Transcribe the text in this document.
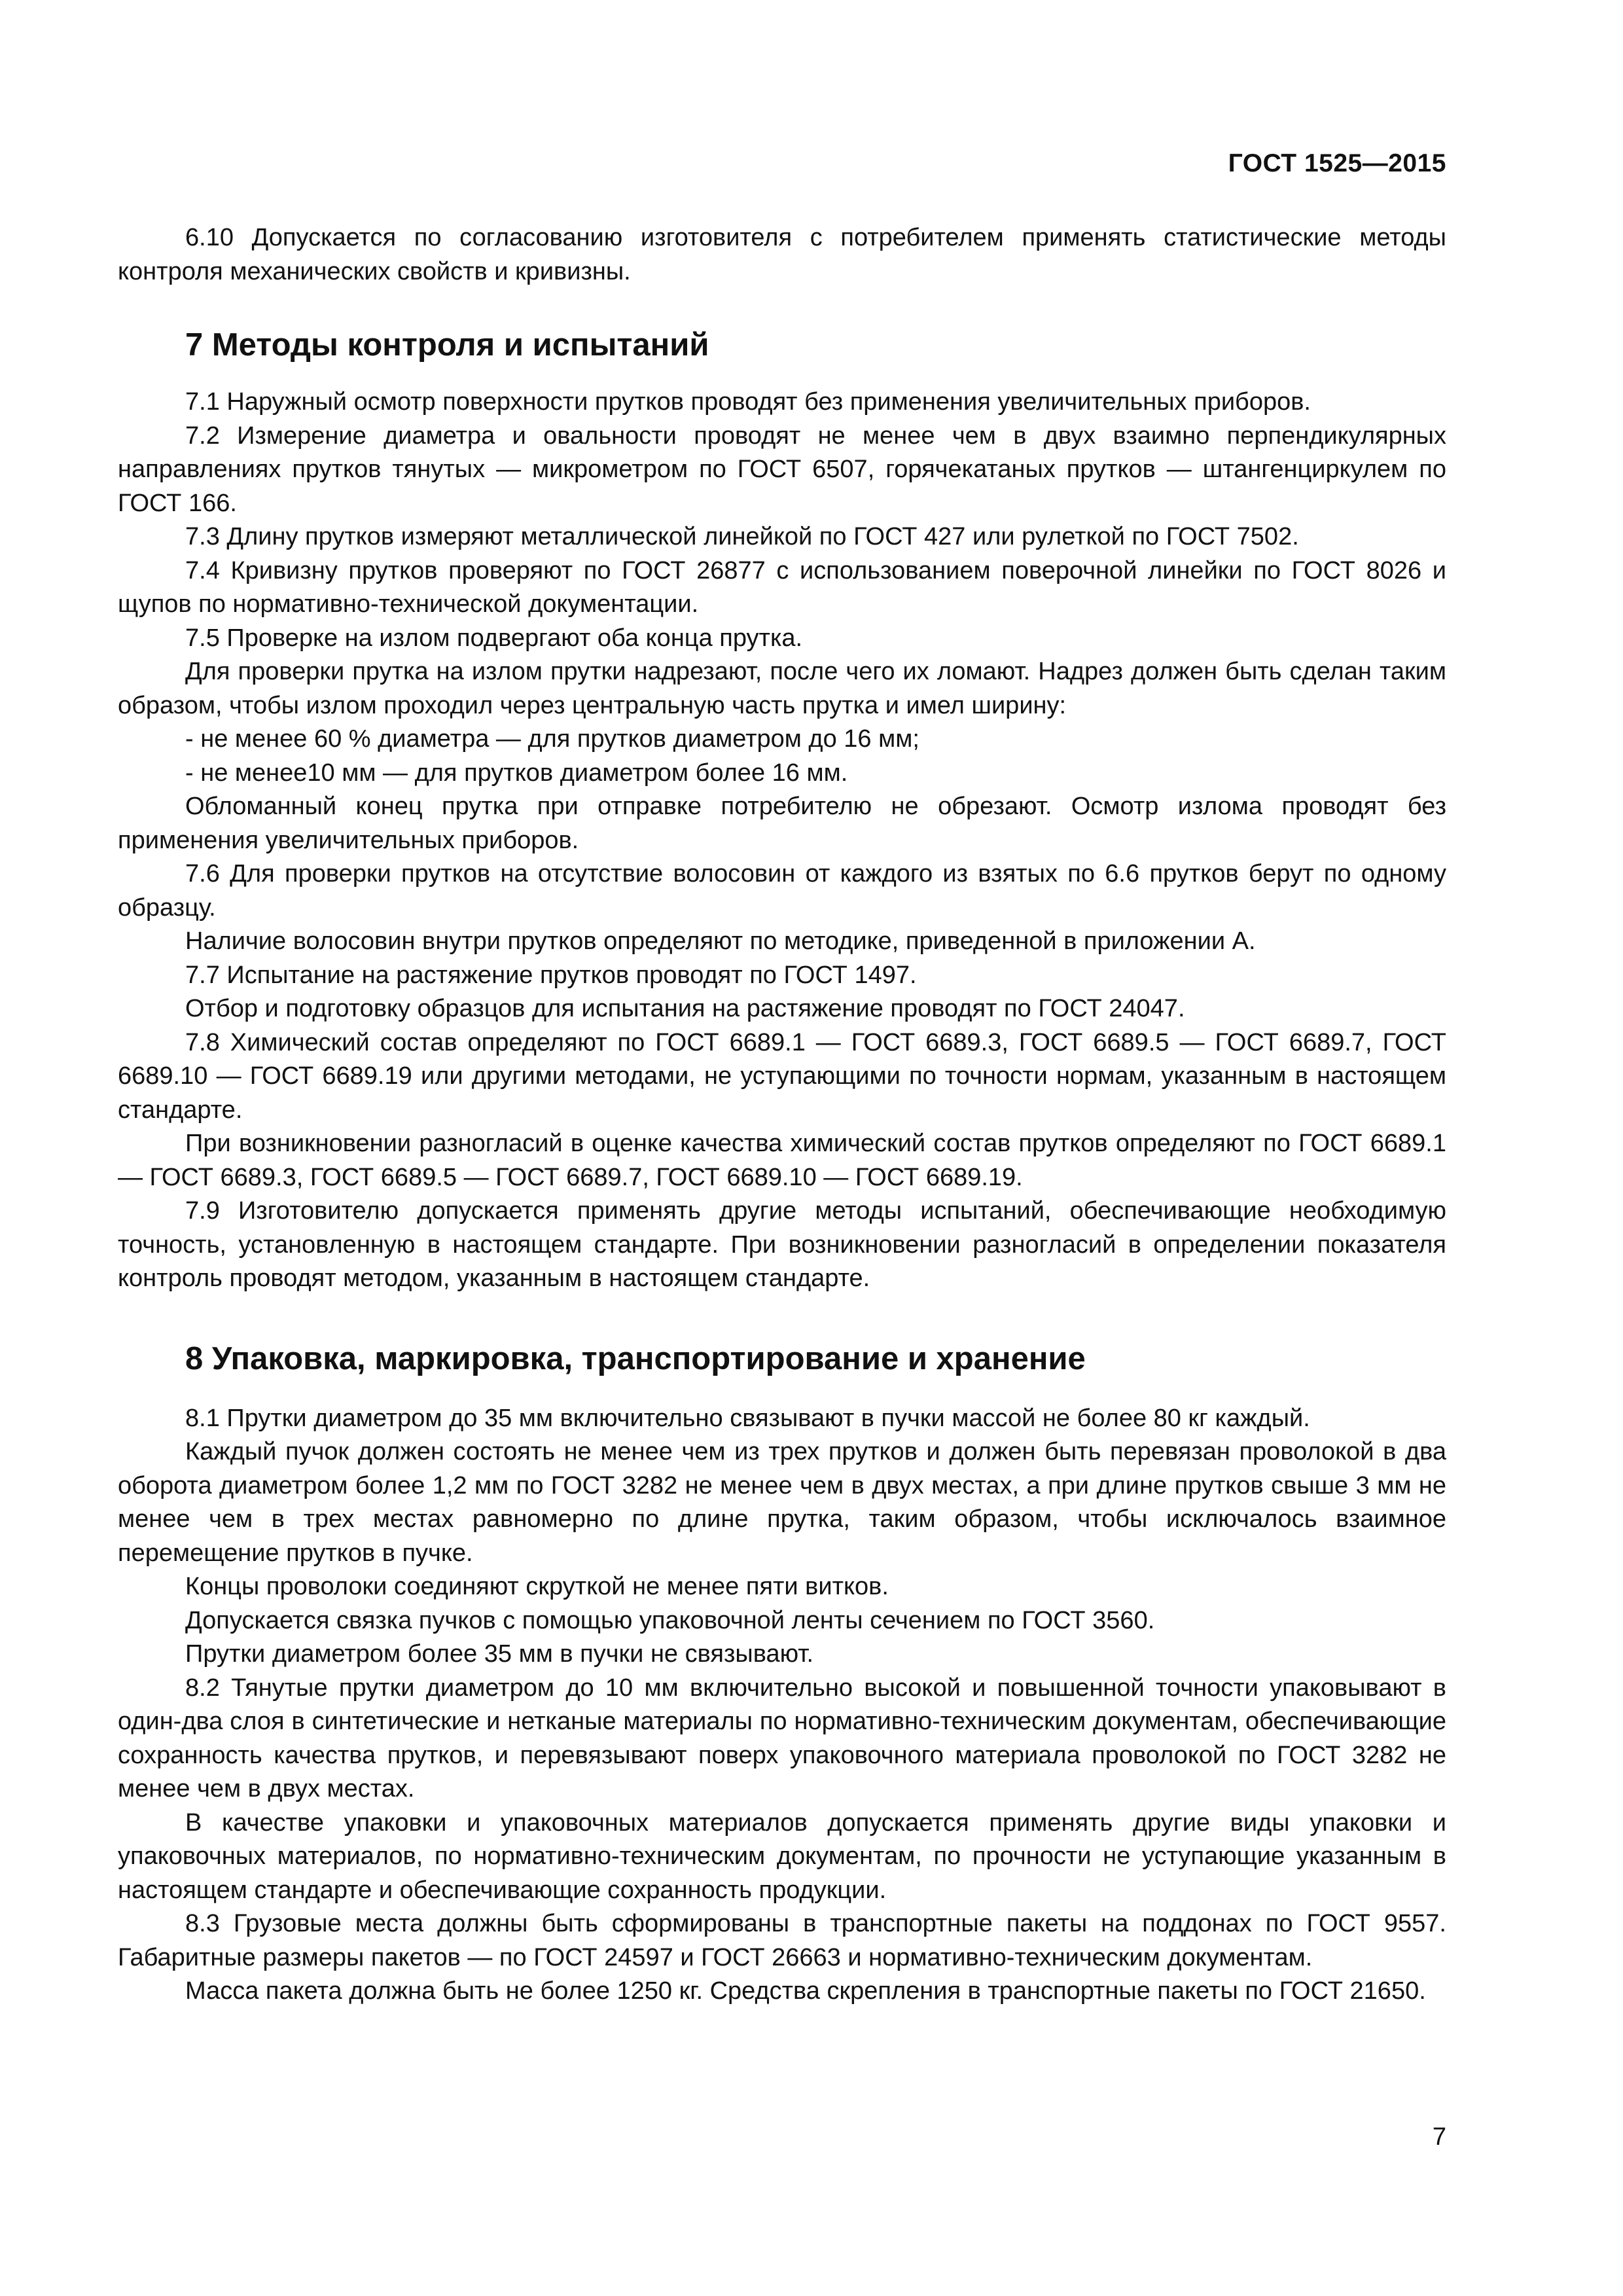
ГОСТ 1525—2015

6.10 Допускается по согласованию изготовителя с потребителем применять статистические методы контроля механических свойств и кривизны.

7 Методы контроля и испытаний

7.1 Наружный осмотр поверхности прутков проводят без применения увеличительных приборов.

7.2 Измерение диаметра и овальности проводят не менее чем в двух взаимно перпендикулярных направлениях прутков тянутых — микрометром по ГОСТ 6507, горячекатаных прутков — штангенциркулем по ГОСТ 166.

7.3 Длину прутков измеряют металлической линейкой по ГОСТ 427 или рулеткой по ГОСТ 7502.

7.4 Кривизну прутков проверяют по ГОСТ 26877 с использованием поверочной линейки по ГОСТ 8026 и щупов по нормативно-технической документации.

7.5 Проверке на излом подвергают оба конца прутка.

Для проверки прутка на излом прутки надрезают, после чего их ломают. Надрез должен быть сделан таким образом, чтобы излом проходил через центральную часть прутка и имел ширину:

- не менее 60 % диаметра — для прутков диаметром до 16 мм;

- не менее10 мм — для прутков диаметром более 16 мм.

Обломанный конец прутка при отправке потребителю не обрезают. Осмотр излома проводят без применения увеличительных приборов.

7.6 Для проверки прутков на отсутствие волосовин от каждого из взятых по 6.6 прутков берут по одному образцу.

Наличие волосовин внутри прутков определяют по методике, приведенной в приложении А.

7.7 Испытание на растяжение прутков проводят по ГОСТ 1497.

Отбор и подготовку образцов для испытания на растяжение проводят по ГОСТ 24047.

7.8 Химический состав определяют по ГОСТ 6689.1 — ГОСТ 6689.3, ГОСТ 6689.5 — ГОСТ 6689.7, ГОСТ 6689.10 — ГОСТ 6689.19 или другими методами, не уступающими по точности нормам, указанным в настоящем стандарте.

При возникновении разногласий в оценке качества химический состав прутков определяют по ГОСТ 6689.1 — ГОСТ 6689.3, ГОСТ 6689.5 — ГОСТ 6689.7, ГОСТ 6689.10 — ГОСТ 6689.19.

7.9 Изготовителю допускается применять другие методы испытаний, обеспечивающие необходимую точность, установленную в настоящем стандарте. При возникновении разногласий в определении показателя контроль проводят методом, указанным в настоящем стандарте.

8 Упаковка, маркировка, транспортирование и хранение

8.1 Прутки диаметром до 35 мм включительно связывают в пучки массой не более 80 кг каждый.

Каждый пучок должен состоять не менее чем из трех прутков и должен быть перевязан проволокой в два оборота диаметром более 1,2 мм по ГОСТ 3282 не менее чем в двух местах, а при длине прутков свыше 3 мм не менее чем в трех местах равномерно по длине прутка, таким образом, чтобы исключалось взаимное перемещение прутков в пучке.

Концы проволоки соединяют скруткой не менее пяти витков.

Допускается связка пучков с помощью упаковочной ленты сечением по ГОСТ 3560.

Прутки диаметром более 35 мм в пучки не связывают.

8.2 Тянутые прутки диаметром до 10 мм включительно высокой и повышенной точности упаковывают в один-два слоя в синтетические и нетканые материалы по нормативно-техническим документам, обеспечивающие сохранность качества прутков, и перевязывают поверх упаковочного материала проволокой по ГОСТ 3282 не менее чем в двух местах.

В качестве упаковки и упаковочных материалов допускается применять другие виды упаковки и упаковочных материалов, по нормативно-техническим документам, по прочности не уступающие указанным в настоящем стандарте и обеспечивающие сохранность продукции.

8.3 Грузовые места должны быть сформированы в транспортные пакеты на поддонах по ГОСТ 9557. Габаритные размеры пакетов — по ГОСТ 24597 и ГОСТ 26663 и нормативно-техническим документам.

Масса пакета должна быть не более 1250 кг. Средства скрепления в транспортные пакеты по ГОСТ 21650.

7
